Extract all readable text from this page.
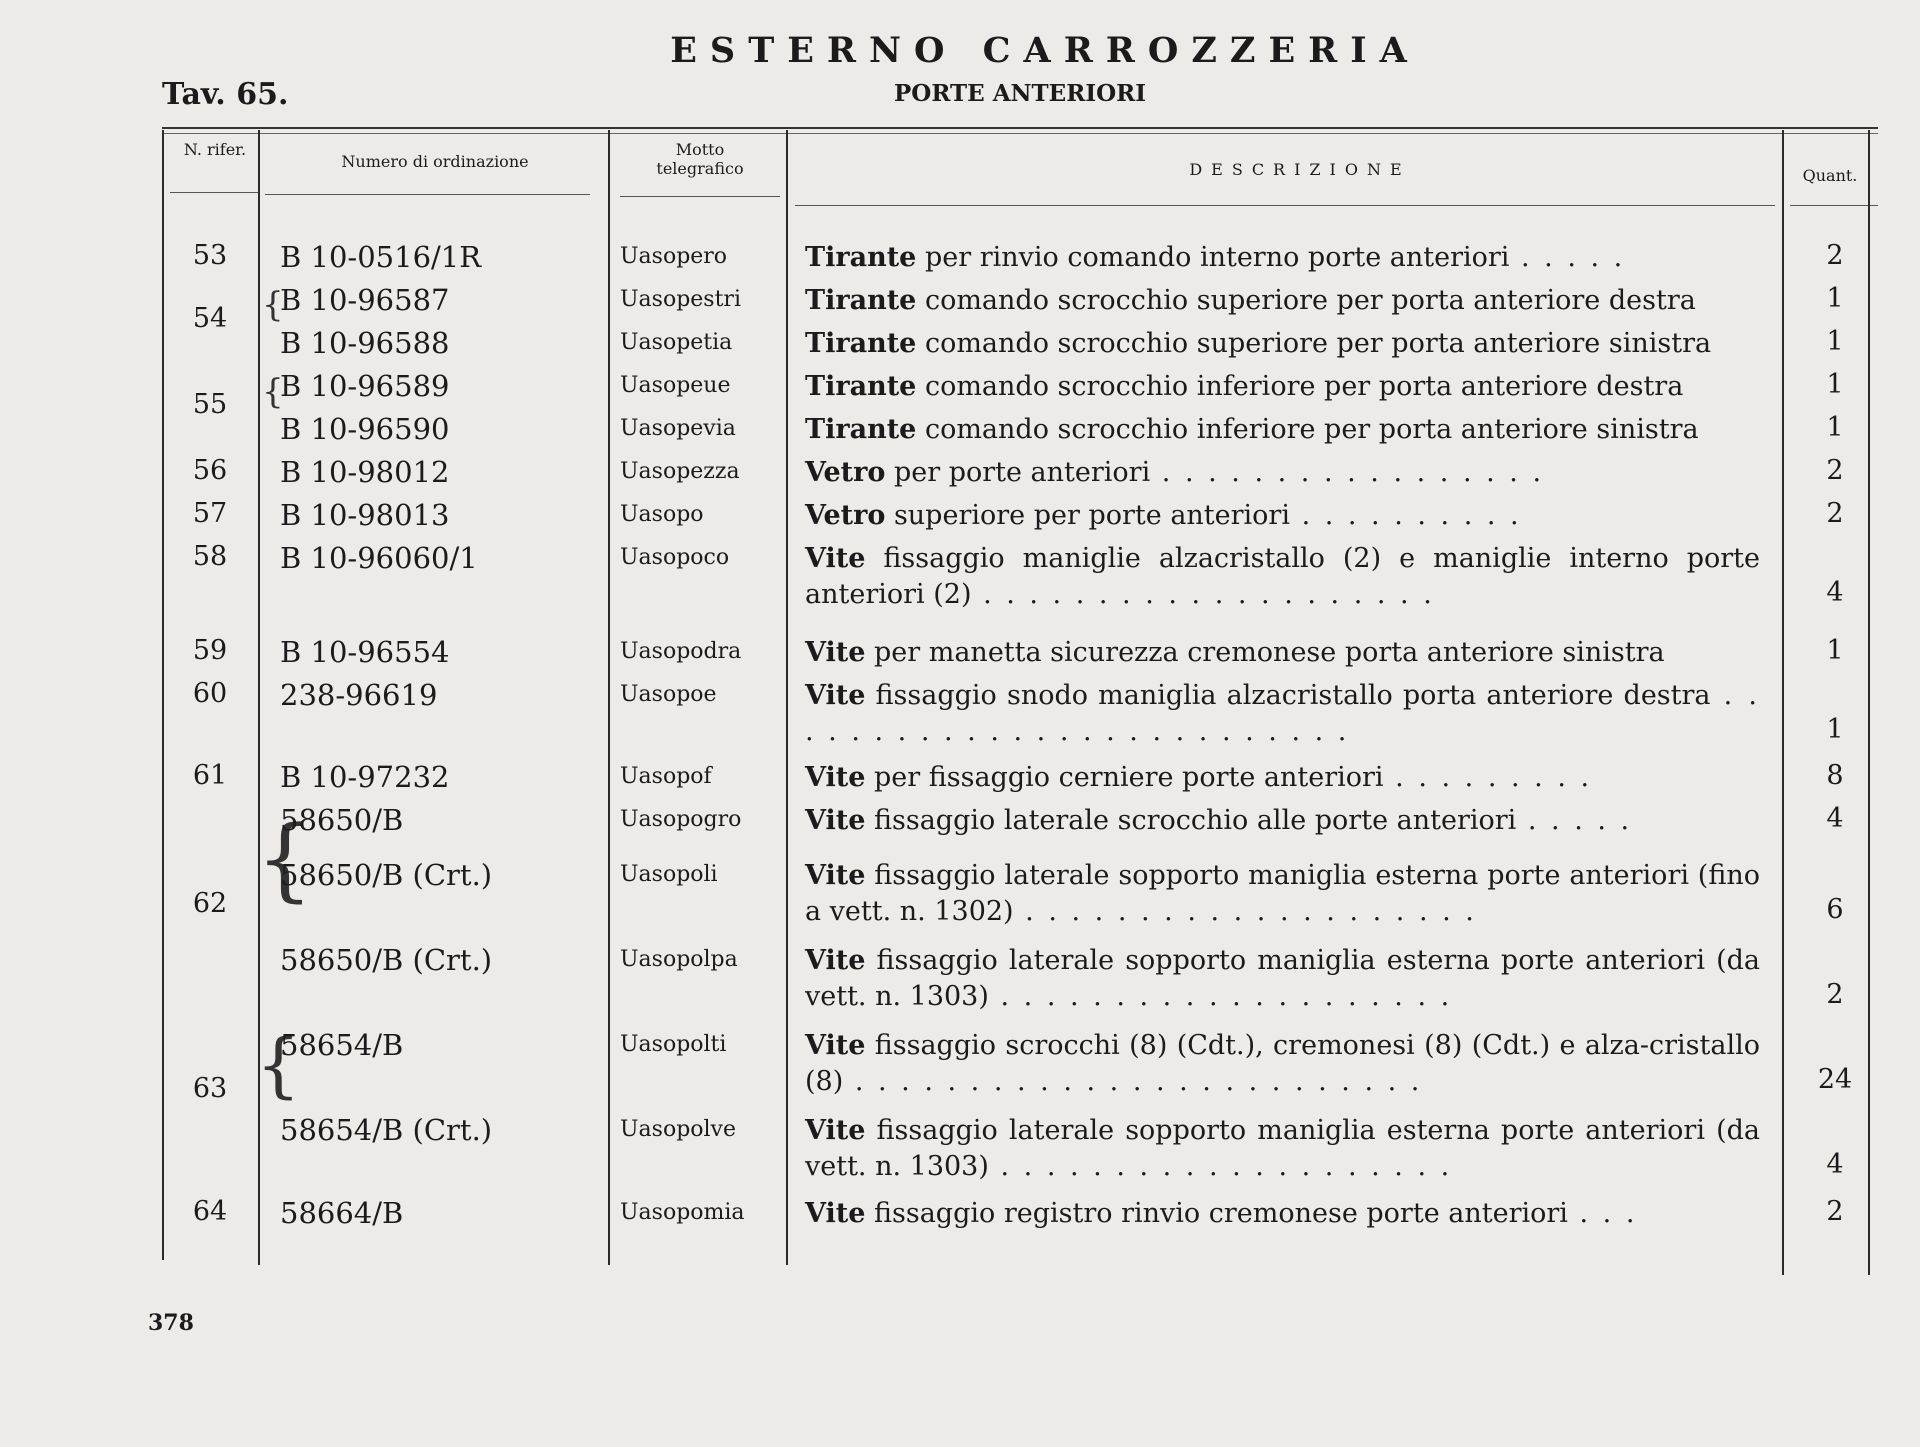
ESTERNO CARROZZERIA
PORTE ANTERIORI
Tav. 65.
N. rifer.
Numero di ordinazione
Motto telegrafico	DESCRIZIONE	Quant.
{
{
{
{
53	B 10-0516/1R	Uasopero	Tirante per rinvio comando interno porte anteriori . . . . .	2
54
B 10-96587	Uasopestri	Tirante comando scrocchio superiore per porta anteriore destra	1
B 10-96588	Uasopetia	Tirante comando scrocchio superiore per porta anteriore sinistra	1
55
B 10-96589	Uasopeue	Tirante comando scrocchio inferiore per porta anteriore destra	1
B 10-96590	Uasopevia	Tirante comando scrocchio inferiore per porta anteriore sinistra	1
56	B 10-98012	Uasopezza	Vetro per porte anteriori . . . . . . . . . . . . . . . . .	2
57	B 10-98013	Uasopo	Vetro superiore per porte anteriori . . . . . . . . . .	2
58	B 10-96060/1	Uasopoco	Vite fissaggio maniglie alzacristallo (2) e maniglie interno porte anteriori (2) . . . . . . . . . . . . . . . . . . . .	4
59	B 10-96554	Uasopodra	Vite per manetta sicurezza cremonese porta anteriore sinistra	1
60	238-96619	Uasopoe	Vite fissaggio snodo maniglia alzacristallo porta anteriore destra . . . . . . . . . . . . . . . . . . . . . . . . . .	1
61	B 10-97232	Uasopof	Vite per fissaggio cerniere porte anteriori . . . . . . . . .	8
58650/B	Uasopogro	Vite fissaggio laterale scrocchio alle porte anteriori . . . . .	4
62
58650/B (Crt.)	Uasopoli	Vite fissaggio laterale sopporto maniglia esterna porte anteriori (fino a vett. n. 1302) . . . . . . . . . . . . . . . . . . . .	6
58650/B (Crt.)	Uasopolpa	Vite fissaggio laterale sopporto maniglia esterna porte anteriori (da vett. n. 1303) . . . . . . . . . . . . . . . . . . . .	2
63
58654/B	Uasopolti	Vite fissaggio scrocchi (8) (Cdt.), cremonesi (8) (Cdt.) e alza-cristallo (8) . . . . . . . . . . . . . . . . . . . . . . . . .	24
58654/B (Crt.)	Uasopolve	Vite fissaggio laterale sopporto maniglia esterna porte anteriori (da vett. n. 1303) . . . . . . . . . . . . . . . . . . . .	4
64	58664/B	Uasopomia	Vite fissaggio registro rinvio cremonese porte anteriori . . .	2
378
